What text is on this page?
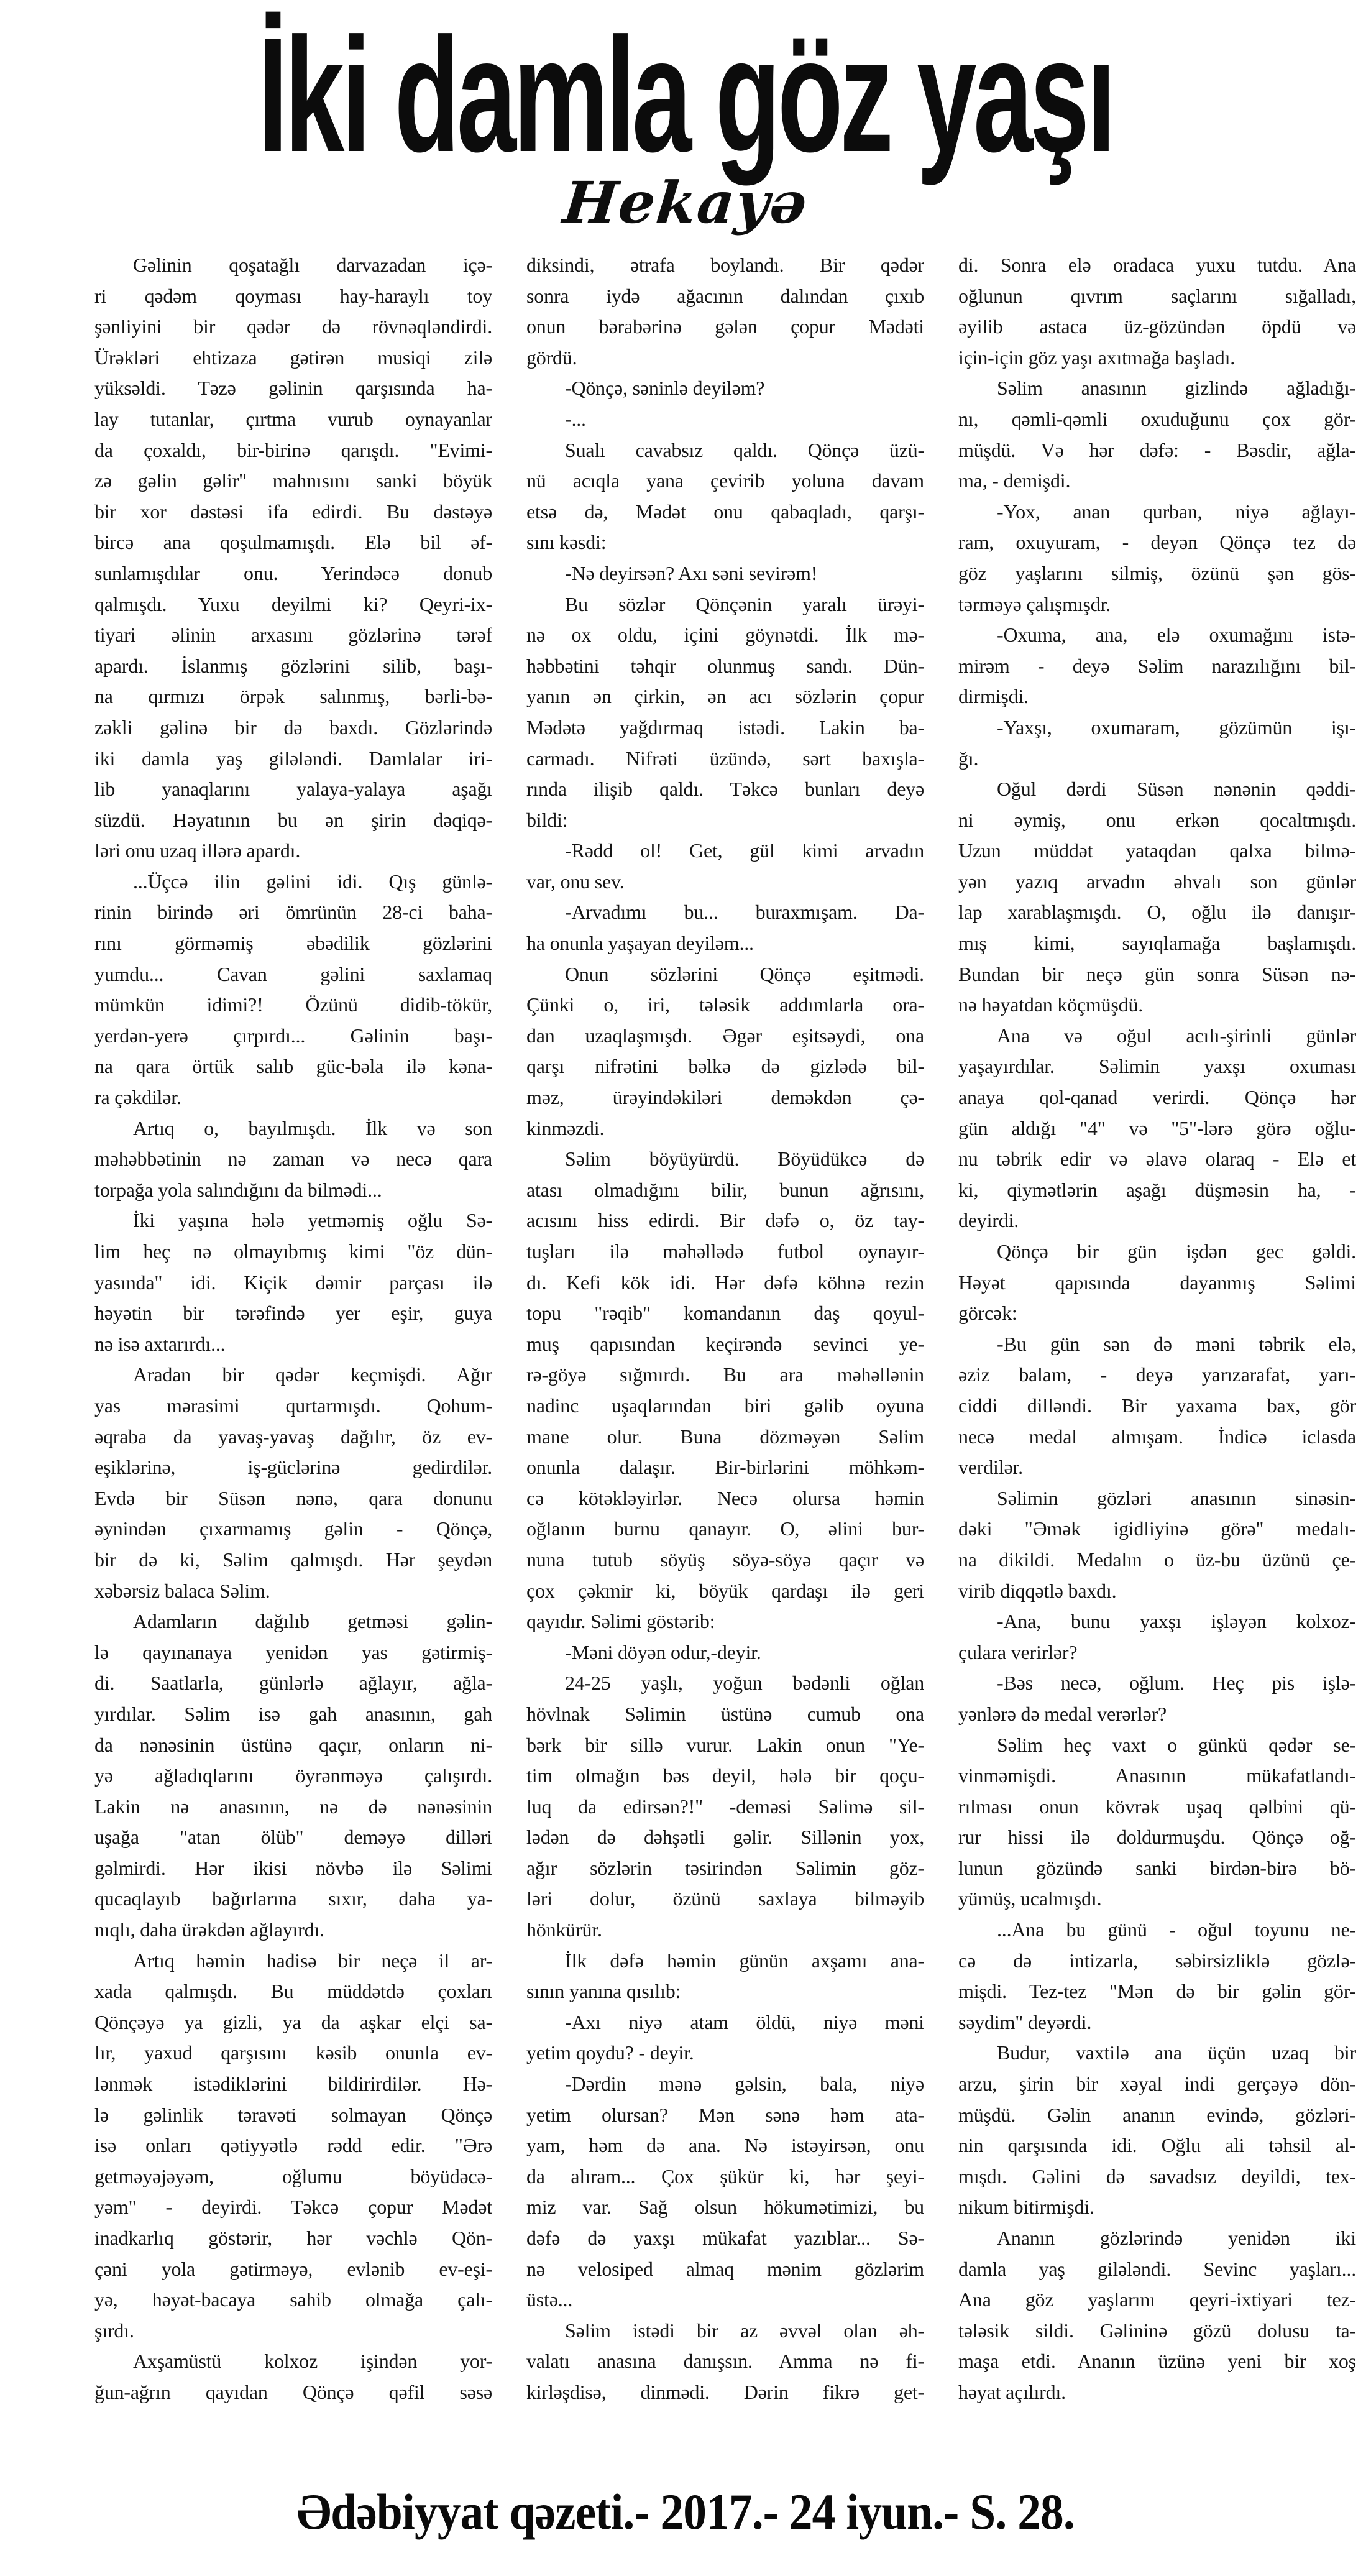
İki damla göz yaşı
Hekayə
Gəlinin qoşatağlı darvazadan içə-
ri qədəm qoyması hay-haraylı toy
şənliyini bir qədər də rövnəqləndirdi.
Ürəkləri ehtizaza gətirən musiqi zilə
yüksəldi. Təzə gəlinin qarşısında ha-
lay tutanlar, çırtma vurub oynayanlar
da çoxaldı, bir-birinə qarışdı. "Evimi-
zə gəlin gəlir" mahnısını sanki böyük
bir xor dəstəsi ifa edirdi. Bu dəstəyə
bircə ana qoşulmamışdı. Elə bil əf-
sunlamışdılar onu. Yerindəcə donub
qalmışdı. Yuxu deyilmi ki? Qeyri-ix-
tiyari əlinin arxasını gözlərinə tərəf
apardı. İslanmış gözlərini silib, başı-
na qırmızı örpək salınmış, bərli-bə-
zəkli gəlinə bir də baxdı. Gözlərində
iki damla yaş gilələndi. Damlalar iri-
lib yanaqlarını yalaya-yalaya aşağı
süzdü. Həyatının bu ən şirin dəqiqə-
ləri onu uzaq illərə apardı.
...Üçcə ilin gəlini idi. Qış günlə-
rinin birində əri ömrünün 28-ci baha-
rını görməmiş əbədilik gözlərini
yumdu... Cavan gəlini saxlamaq
mümkün idimi?! Özünü didib-tökür,
yerdən-yerə çırpırdı... Gəlinin başı-
na qara örtük salıb güc-bəla ilə kəna-
ra çəkdilər.
Artıq o, bayılmışdı. İlk və son
məhəbbətinin nə zaman və necə qara
torpağa yola salındığını da bilmədi...
İki yaşına hələ yetməmiş oğlu Sə-
lim heç nə olmayıbmış kimi "öz dün-
yasında" idi. Kiçik dəmir parçası ilə
həyətin bir tərəfində yer eşir, guya
nə isə axtarırdı...
Aradan bir qədər keçmişdi. Ağır
yas mərasimi qurtarmışdı. Qohum-
əqraba da yavaş-yavaş dağılır, öz ev-
eşiklərinə, iş-güclərinə gedirdilər.
Evdə bir Süsən nənə, qara donunu
əynindən çıxarmamış gəlin - Qönçə,
bir də ki, Səlim qalmışdı. Hər şeydən
xəbərsiz balaca Səlim.
Adamların dağılıb getməsi gəlin-
lə qayınanaya yenidən yas gətirmiş-
di. Saatlarla, günlərlə ağlayır, ağla-
yırdılar. Səlim isə gah anasının, gah
da nənəsinin üstünə qaçır, onların ni-
yə ağladıqlarını öyrənməyə çalışırdı.
Lakin nə anasının, nə də nənəsinin
uşağa "atan ölüb" deməyə dilləri
gəlmirdi. Hər ikisi növbə ilə Səlimi
qucaqlayıb bağırlarına sıxır, daha ya-
nıqlı, daha ürəkdən ağlayırdı.
Artıq həmin hadisə bir neçə il ar-
xada qalmışdı. Bu müddətdə çoxları
Qönçəyə ya gizli, ya da aşkar elçi sa-
lır, yaxud qarşısını kəsib onunla ev-
lənmək istədiklərini bildirirdilər. Hə-
lə gəlinlik təravəti solmayan Qönçə
isə onları qətiyyətlə rədd edir. "Ərə
getməyəjəyəm, oğlumu böyüdəcə-
yəm" - deyirdi. Təkcə çopur Mədət
inadkarlıq göstərir, hər vəchlə Qön-
çəni yola gətirməyə, evlənib ev-eşi-
yə, həyət-bacaya sahib olmağa çalı-
şırdı.
Axşamüstü kolxoz işindən yor-
ğun-ağrın qayıdan Qönçə qəfil səsə
diksindi, ətrafa boylandı. Bir qədər
sonra iydə ağacının dalından çıxıb
onun bərabərinə gələn çopur Mədəti
gördü.
-Qönçə, səninlə deyiləm?
-...
Sualı cavabsız qaldı. Qönçə üzü-
nü acıqla yana çevirib yoluna davam
etsə də, Mədət onu qabaqladı, qarşı-
sını kəsdi:
-Nə deyirsən? Axı səni sevirəm!
Bu sözlər Qönçənin yaralı ürəyi-
nə ox oldu, içini göynətdi. İlk mə-
həbbətini təhqir olunmuş sandı. Dün-
yanın ən çirkin, ən acı sözlərin çopur
Mədətə yağdırmaq istədi. Lakin ba-
carmadı. Nifrəti üzündə, sərt baxışla-
rında ilişib qaldı. Təkcə bunları deyə
bildi:
-Rədd ol! Get, gül kimi arvadın
var, onu sev.
-Arvadımı bu... buraxmışam. Da-
ha onunla yaşayan deyiləm...
Onun sözlərini Qönçə eşitmədi.
Çünki o, iri, tələsik addımlarla ora-
dan uzaqlaşmışdı. Əgər eşitsəydi, ona
qarşı nifrətini bəlkə də gizlədə bil-
məz, ürəyindəkiləri deməkdən çə-
kinməzdi.
Səlim böyüyürdü. Böyüdükcə də
atası olmadığını bilir, bunun ağrısını,
acısını hiss edirdi. Bir dəfə o, öz tay-
tuşları ilə məhəllədə futbol oynayır-
dı. Kefi kök idi. Hər dəfə köhnə rezin
topu "rəqib" komandanın daş qoyul-
muş qapısından keçirəndə sevinci ye-
rə-göyə sığmırdı. Bu ara məhəllənin
nadinc uşaqlarından biri gəlib oyuna
mane olur. Buna dözməyən Səlim
onunla dalaşır. Bir-birlərini möhkəm-
cə kötəkləyirlər. Necə olursa həmin
oğlanın burnu qanayır. O, əlini bur-
nuna tutub söyüş söyə-söyə qaçır və
çox çəkmir ki, böyük qardaşı ilə geri
qayıdır. Səlimi göstərib:
-Məni döyən odur,-deyir.
24-25 yaşlı, yoğun bədənli oğlan
hövlnak Səlimin üstünə cumub ona
bərk bir sillə vurur. Lakin onun "Ye-
tim olmağın bəs deyil, hələ bir qoçu-
luq da edirsən?!" -deməsi Səlimə sil-
lədən də dəhşətli gəlir. Sillənin yox,
ağır sözlərin təsirindən Səlimin göz-
ləri dolur, özünü saxlaya bilməyib
hönkürür.
İlk dəfə həmin günün axşamı ana-
sının yanına qısılıb:
-Axı niyə atam öldü, niyə məni
yetim qoydu? - deyir.
-Dərdin mənə gəlsin, bala, niyə
yetim olursan? Mən sənə həm ata-
yam, həm də ana. Nə istəyirsən, onu
da alıram... Çox şükür ki, hər şeyi-
miz var. Sağ olsun hökumətimizi, bu
dəfə də yaxşı mükafat yazıblar... Sə-
nə velosiped almaq mənim gözlərim
üstə...
Səlim istədi bir az əvvəl olan əh-
valatı anasına danışsın. Amma nə fi-
kirləşdisə, dinmədi. Dərin fikrə get-
di. Sonra elə oradaca yuxu tutdu. Ana
oğlunun qıvrım saçlarını sığalladı,
əyilib astaca üz-gözündən öpdü və
için-için göz yaşı axıtmağa başladı.
Səlim anasının gizlində ağladığı-
nı, qəmli-qəmli oxuduğunu çox gör-
müşdü. Və hər dəfə: - Bəsdir, ağla-
ma, - demişdi.
-Yox, anan qurban, niyə ağlayı-
ram, oxuyuram, - deyən Qönçə tez də
göz yaşlarını silmiş, özünü şən gös-
tərməyə çalışmışdr.
-Oxuma, ana, elə oxumağını istə-
mirəm - deyə Səlim narazılığını bil-
dirmişdi.
-Yaxşı, oxumaram, gözümün işı-
ğı.
Oğul dərdi Süsən nənənin qəddi-
ni əymiş, onu erkən qocaltmışdı.
Uzun müddət yataqdan qalxa bilmə-
yən yazıq arvadın əhvalı son günlər
lap xarablaşmışdı. O, oğlu ilə danışır-
mış kimi, sayıqlamağa başlamışdı.
Bundan bir neçə gün sonra Süsən nə-
nə həyatdan köçmüşdü.
Ana və oğul acılı-şirinli günlər
yaşayırdılar. Səlimin yaxşı oxuması
anaya qol-qanad verirdi. Qönçə hər
gün aldığı "4" və "5"-lərə görə oğlu-
nu təbrik edir və əlavə olaraq - Elə et
ki, qiymətlərin aşağı düşməsin ha, -
deyirdi.
Qönçə bir gün işdən gec gəldi.
Həyət qapısında dayanmış Səlimi
görcək:
-Bu gün sən də məni təbrik elə,
əziz balam, - deyə yarızarafat, yarı-
ciddi dilləndi. Bir yaxama bax, gör
necə medal almışam. İndicə iclasda
verdilər.
Səlimin gözləri anasının sinəsin-
dəki "Əmək igidliyinə görə" medalı-
na dikildi. Medalın o üz-bu üzünü çe-
virib diqqətlə baxdı.
-Ana, bunu yaxşı işləyən kolxoz-
çulara verirlər?
-Bəs necə, oğlum. Heç pis işlə-
yənlərə də medal verərlər?
Səlim heç vaxt o günkü qədər se-
vinməmişdi. Anasının mükafatlandı-
rılması onun kövrək uşaq qəlbini qü-
rur hissi ilə doldurmuşdu. Qönçə oğ-
lunun gözündə sanki birdən-birə bö-
yümüş, ucalmışdı.
...Ana bu günü - oğul toyunu ne-
cə də intizarla, səbirsizliklə gözlə-
mişdi. Tez-tez "Mən də bir gəlin gör-
səydim" deyərdi.
Budur, vaxtilə ana üçün uzaq bir
arzu, şirin bir xəyal indi gerçəyə dön-
müşdü. Gəlin ananın evində, gözləri-
nin qarşısında idi. Oğlu ali təhsil al-
mışdı. Gəlini də savadsız deyildi, tex-
nikum bitirmişdi.
Ananın gözlərində yenidən iki
damla yaş gilələndi. Sevinc yaşları...
Ana göz yaşlarını qeyri-ixtiyari tez-
tələsik sildi. Gəlininə gözü dolusu ta-
maşa etdi. Ananın üzünə yeni bir xoş
həyat açılırdı.
Ədəbiyyat qəzeti.- 2017.- 24 iyun.- S. 28.
